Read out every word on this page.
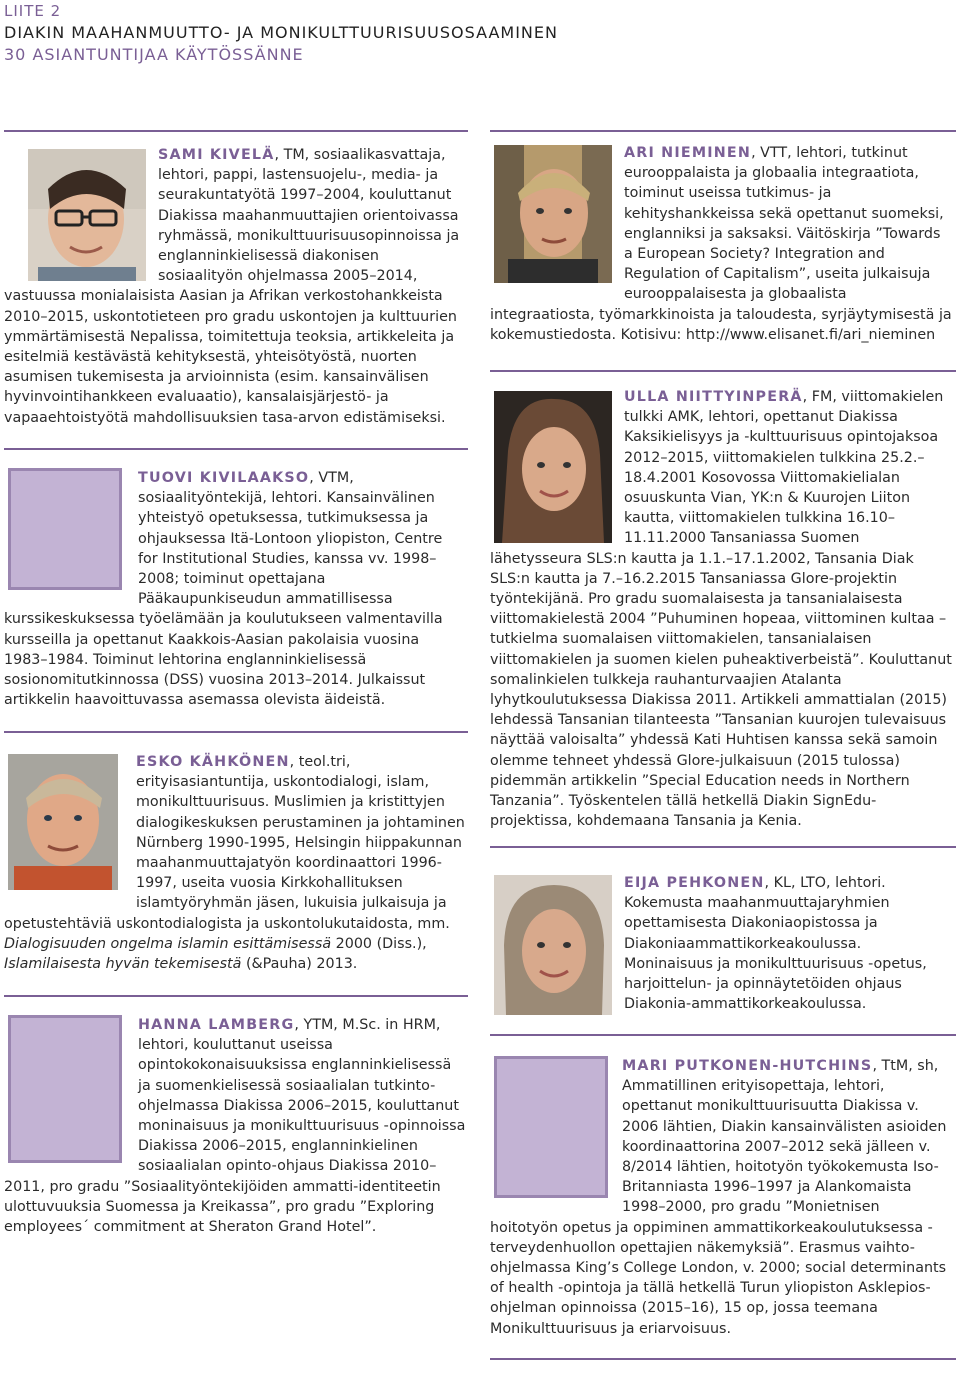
LIITE 2
DIAKIN MAAHANMUUTTO- JA MONIKULTTUURISUUSOSAAMINEN
30 ASIANTUNTIJAA KÄYTÖSSÄNNE

SAMI KIVELÄ, TM, sosiaalikasvattaja, lehtori, pappi, lastensuojelu-, media- ja seurakuntatyötä 1997–2004, kouluttanut Diakissa maahanmuuttajien orientoivassa ryhmässä, monikulttuurisuusopinnoissa ja englanninkielisessä diakonisen sosiaalityön ohjelmassa 2005–2014, vastuussa monialaisista Aasian ja Afrikan verkostohankkeista 2010–2015, uskontotieteen pro gradu uskontojen ja kulttuurien ymmärtämisestä Nepalissa, toimitettuja teoksia, artikkeleita ja esitelmiä kestävästä kehityksestä, yhteisötyöstä, nuorten asumisen tukemisesta ja arvioinnista (esim. kansainvälisen hyvinvointihankkeen evaluaatio), kansalaisjärjestö- ja vapaaehtoistyötä mahdollisuuksien tasa-arvon edistämiseksi.

TUOVI KIVILAAKSO, VTM, sosiaalityöntekijä, lehtori. Kansainvälinen yhteistyö opetuksessa, tutkimuksessa ja ohjauksessa Itä-Lontoon yliopiston, Centre for Institutional Studies, kanssa vv. 1998–2008; toiminut opettajana Pääkaupunkiseudun ammatillisessa kurssikeskuksessa työelämään ja koulutukseen valmentavilla kursseilla ja opettanut Kaakkois-Aasian pakolaisia vuosina 1983–1984. Toiminut lehtorina englanninkielisessä sosionomitutkinnossa (DSS) vuosina 2013–2014. Julkaissut artikkelin haavoittuvassa asemassa olevista äideistä.

ESKO KÄHKÖNEN, teol.tri, erityisasiantuntija, uskontodialogi, islam, monikulttuurisuus. Muslimien ja kristittyjen dialogikeskuksen perustaminen ja johtaminen Nürnberg 1990-1995, Helsingin hiippakunnan maahanmuuttajatyön koordinaattori 1996-1997, useita vuosia Kirkkohallituksen islamtyöryhmän jäsen, lukuisia julkaisuja ja opetustehtäviä uskontodialogista ja uskontolukutaidosta, mm. Dialogisuuden ongelma islamin esittämisessä 2000 (Diss.), Islamilaisesta hyvän tekemisestä (&Pauha) 2013.

HANNA LAMBERG, YTM, M.Sc. in HRM, lehtori, kouluttanut useissa opintokokonaisuuksissa englanninkielisessä ja suomenkielisessä sosiaalialan tutkinto-ohjelmassa Diakissa 2006–2015, kouluttanut moninaisuus ja monikulttuurisuus -opinnoissa Diakissa 2006–2015, englanninkielinen sosiaalialan opinto-ohjaus Diakissa 2010–2011, pro gradu ”Sosiaalityöntekijöiden ammatti-identiteetin ulottuvuuksia Suomessa ja Kreikassa”, pro gradu ”Exploring employees´ commitment at Sheraton Grand Hotel”.

ARI NIEMINEN, VTT, lehtori, tutkinut eurooppalaista ja globaalia integraatiota, toiminut useissa tutkimus- ja kehityshankkeissa sekä opettanut suomeksi, englanniksi ja saksaksi. Väitöskirja ”Towards a European Society? Integration and Regulation of Capitalism”, useita julkaisuja eurooppalaisesta ja globaalista integraatiosta, työmarkkinoista ja taloudesta, syrjäytymisestä ja kokemustiedosta. Kotisivu: http://www.elisanet.fi/ari_nieminen

ULLA NIITTYINPERÄ, FM, viittomakielen tulkki AMK, lehtori, opettanut Diakissa Kaksikielisyys ja -kulttuurisuus opintojaksoa 2012–2015, viittomakielen tulkkina 25.2.–18.4.2001 Kosovossa Viittomakielialan osuuskunta Vian, YK:n & Kuurojen Liiton kautta, viittomakielen tulkkina 16.10–11.11.2000 Tansaniassa Suomen lähetysseura SLS:n kautta ja 1.1.–17.1.2002, Tansania Diak SLS:n kautta ja 7.–16.2.2015 Tansaniassa Glore-projektin työntekijänä. Pro gradu suomalaisesta ja tansanialaisesta viittomakielestä 2004 ”Puhuminen hopeaa, viittominen kultaa – tutkielma suomalaisen viittomakielen, tansanialaisen viittomakielen ja suomen kielen puheaktiverbeistä”. Kouluttanut somalinkielen tulkkeja rauhanturvaajien Atalanta lyhytkoulutuksessa Diakissa 2011. Artikkeli ammattialan (2015) lehdessä Tansanian tilanteesta ”Tansanian kuurojen tulevaisuus näyttää valoisalta” yhdessä Kati Huhtisen kanssa sekä samoin olemme tehneet yhdessä Glore-julkaisuun (2015 tulossa) pidemmän artikkelin ”Special Education needs in Northern Tanzania”. Työskentelen tällä hetkellä Diakin SignEdu-projektissa, kohdemaana Tansania ja Kenia.

EIJA PEHKONEN, KL, LTO, lehtori. Kokemusta maahanmuuttajaryhmien opettamisesta Diakoniaopistossa ja Diakoniaammattikorkeakoulussa. Moninaisuus ja monikulttuurisuus -opetus, harjoittelun- ja opinnäytetöiden ohjaus Diakonia-ammattikorkeakoulussa.

MARI PUTKONEN-HUTCHINS, TtM, sh, Ammatillinen erityisopettaja, lehtori, opettanut monikulttuurisuutta Diakissa v. 2006 lähtien, Diakin kansainvälisten asioiden koordinaattorina 2007–2012 sekä jälleen v. 8/2014 lähtien, hoitotyön työkokemusta Iso-Britanniasta 1996–1997 ja Alankomaista 1998–2000, pro gradu ”Monietnisen hoitotyön opetus ja oppiminen ammattikorkeakoulutuksessa - terveydenhuollon opettajien näkemyksiä”. Erasmus vaihto-ohjelmassa King’s College London, v. 2000; social determinants of health -opintoja ja tällä hetkellä Turun yliopiston Asklepios-ohjelman opinnoissa (2015–16), 15 op, jossa teemana Monikulttuurisuus ja eriarvoisuus.
